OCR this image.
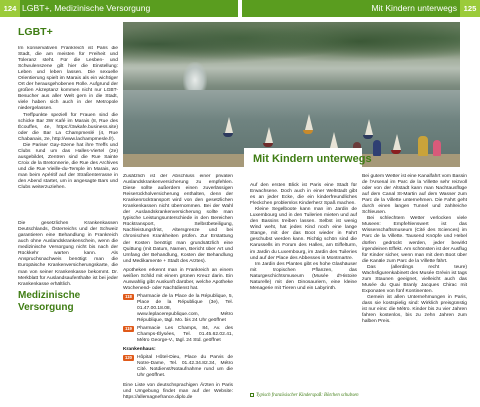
LGBT+, Medizinische Versorgung
124	Mit Kindern unterwegs 125
LGBT+
Medizinische
Versorgung
Mit Kindern unterwegs

Im konservativen Frankreich ist Paris die Stadt, die am meisten für Freiheit und Toleranz steht. Für die Lesben- und Schwulenszene gilt hier die Einstellung: Leben und leben lassen. Die sexuelle Orientierung spielt im Marais als ein wichtiger Ort der herausgehobenen Rolle. Aufgrund der großen Akzeptanz kommen nicht nur LGBT-Besucher aus aller Welt gern in die Stadt, viele haben sich auch in der Metropole niedergelassen.

Treffpunkte speziell für Frauen sind die schicke Bar 3W Kafé im Marais (8, Rue des Écouffes, 4e, https://3wkafe.business.site) oder die Bar La Champmeslé (4, Rue Chabanais, 2e, http://www.lachampmesle.fr).

Die Pariser Gay-Szene hat ihre Treffs und Clubs rund um das Halles-Viertel (2e) ausgebildet, Zentren sind die Rue Sainte Croix de la Bretonnerie, die Rue des Archives und die Rue Vieille-du-Temple im Marais, wo man beim Apéritif auf der Straßenterrasse in den Abend startet, um in angesagte Bars und Clubs weiterzuziehen.

Die gesetzlichen Krankenkassen Deutschlands, Österreichs und der Schweiz garantieren eine Behandlung in Frankreich auch ohne Auslandskrankenschein, wenn die medizinische Versorgung nicht bis nach der Rückkehr warten kann. Als Anspruchsnachweis benötigt man die Europäische Krankenversicherungskarte, die man von seiner Krankenkasse bekommt. Dr. Merkblatt für Auslandsaufenthalte ist bei jeder Krankenkasse erhältlich.

Zusätzlich ist der Abschluss einer privaten Auslandskrankenversicherung zu empfehlen. Diese sollte außerdem einen zuverlässigen Reiserückholversicherung enthalten, denn der Krankenrücktransport wird von den gesetzlichen Krankenkassen nicht übernommen. Bei der Wahl der Auslandskrankenversicherung sollte man typische Leistungsunterschiede in den Bereichen Rücktransport, Selbstbeteiligung, Nachleistungsfrist, Altersgrenze und bei chronischen Krankheiten prüfen. Zur Erstattung der Kosten benötigt man grundsätzlich eine Quittung (mit Datum, Namen, Bericht über Art und Umfang der Behandlung, Kosten der Behandlung und Medikamente + Stadt des Arztes).

Apotheken erkennt man in Frankreich an einem weißen Schild mit einem grünen Kreuz darin. Ein Auswahlig gibt Auskunft darüber, welche Apotheke Wochenend- oder Nachtdienst hat.

118	Pharmacie de la Place de la République, 5, Place de la République (3e), Tel. 01.47.00.18.08, www.leplacerepublique.com, Métro République, tägl. Mo. bis 24 Uhr geöffnet
119	Pharmacie Les Champs, 84, Av. des Champs-Élysées, Tel. 01.45.62.02.41, Métro George-V., tägl. 24 Std. geöffnet

Krankenhaus:

120	Hôpital Hôtel-Dieu, Place du Parvis de Notre-Dame, Tel. 01.42.34.82.34, Métro Cité. Notdienst/Notaufnahme rund um die Uhr geöffnet.

Eine Liste von deutschsprachigen Ärzten in Paris und Umgebung findet man auf der Website: https://allemagnefrance.diplo.de

Auf den ersten Blick ist Paris eine Stadt für Erwachsene. Doch auch in einer Weltstadt gibt es an jeder Ecke, die ein kinderfreundliches Fleckchen problemlos Kinderherz Spaß machen.

Kleine Segelboote kann man im Jardin de Luxembourg und in den Tuilerien mieten und auf den Bassins treiben lassen. Selbst ist wenig Wind weht, hat jedes Kind noch eine lange Stange, mit der das Boot wieder in Fahrt geschubst werden kann. Richtig schön sind die Karussells im Forum des Halles, am Eiffelturm, im Jardin du Luxembourg, im Jardin des Tuileries und auf der Place des Abbesses in Montmartre.

Im Jardin des Plantes gibt es hohe Glashäuser mit tropischen Pflanzen, das Naturgeschichtsmuseum (Musée d'Histoire Naturelle) mit den Dinosauriern, eine kleine Menagerie mit Tieren und ein Labyrinth.

Bei gutem Wetter ist eine Kanalfahrt vom Bassin de l'Arsenal im Parc de la Villette sehr reizvoll oder von der Altstadt kann man Nachtausflüge auf dem Canal St-Martin auf dem Wasser zum Parc de la Villette unternehmen. Die Fahrt geht durch einen langen Tunnel und zahlreiche Schleusen.

Bei schlechtem Wetter verlocken viele Museen: Empfehlenswert ist das Wissenschaftsmuseum (Cité des Sciences) im Parc de la Villette. Tausend Knöpfe und Hebel dürfen gedrückt werden, jeder bewirkt irgendeinen Effekt. Am schönsten ist der Ausflug für Kinder sicher, wenn man mit dem Boot über die Kanäle zum Parc de la Villette fährt.

Das (allerdings recht teure) Wachsfigurenkabinett des Musée Grévin ist tags zum Staunen geeignet, vielleicht auch das Musée du Quai Branly Jacques Chirac mit Exponaten von fünf Kontinenten.

Gemein ist allen Unternehmungen in Paris, dass sie kostspielig sind: Wirklich preisgünstig ist nur eins: die Métro. Kinder bis zu vier Jahren fahren kostenlos, bis zu zehn Jahren zum halben Preis.

Typisch französischer Kinderspaß: Bötchen schubsen
